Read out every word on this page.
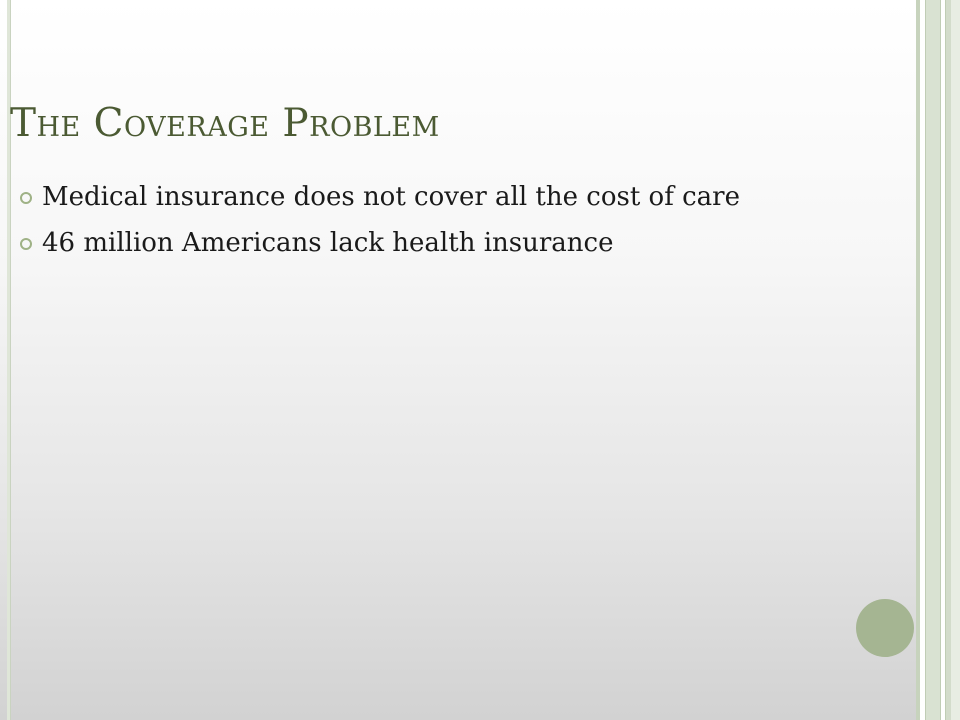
The Coverage Problem
Medical insurance does not cover all the cost of care
46 million Americans lack health insurance
